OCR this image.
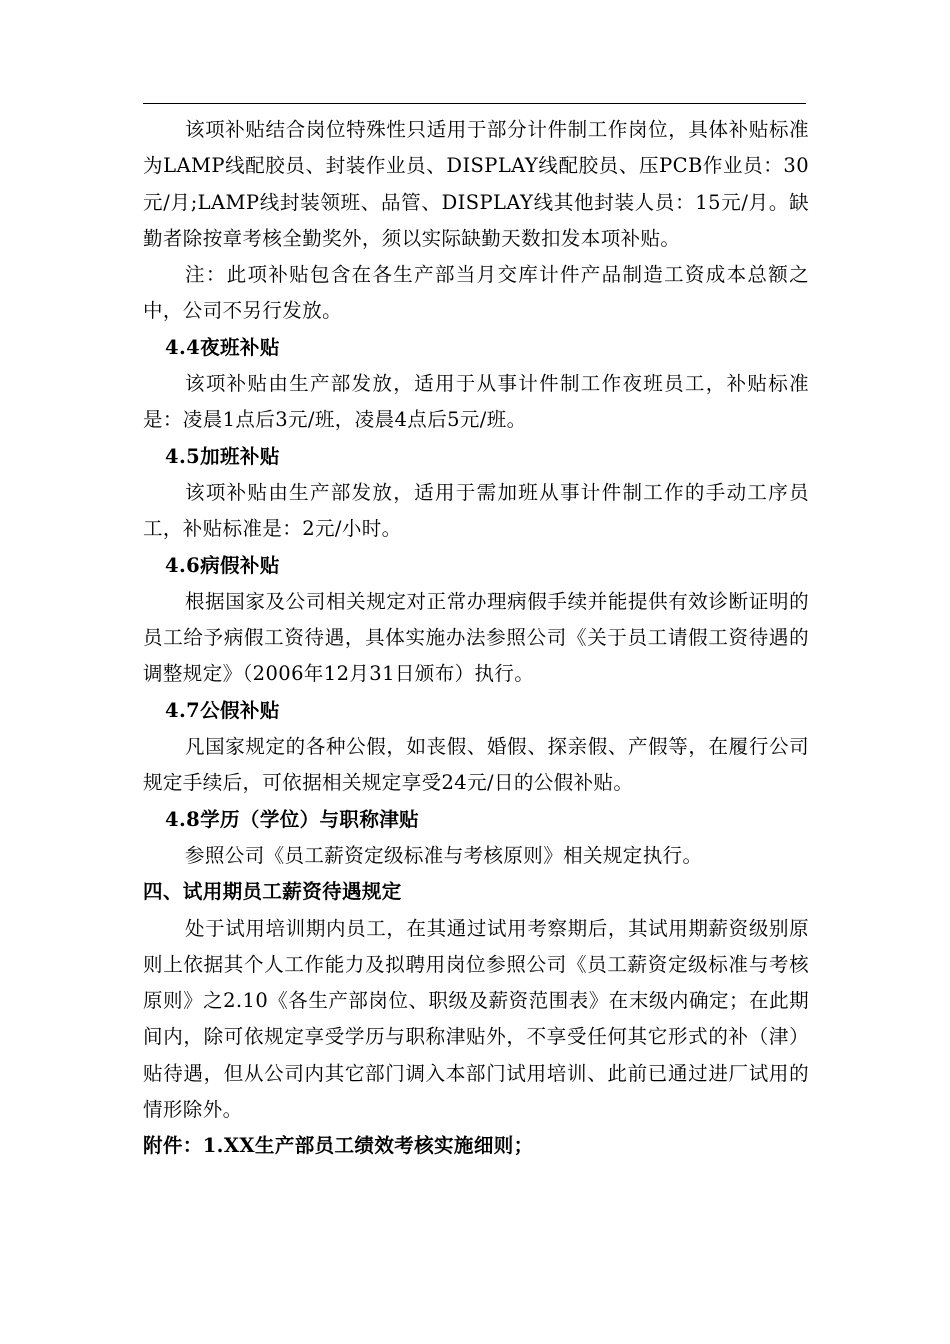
该项补贴结合岗位特殊性只适用于部分计件制工作岗位，具体补贴标准为LAMP线配胶员、封装作业员、DISPLAY线配胶员、压PCB作业员：30元/月;LAMP线封装领班、品管、DISPLAY线其他封装人员：15元/月。缺勤者除按章考核全勤奖外，须以实际缺勤天数扣发本项补贴。

注：此项补贴包含在各生产部当月交库计件产品制造工资成本总额之中，公司不另行发放。

4.4夜班补贴

该项补贴由生产部发放，适用于从事计件制工作夜班员工，补贴标准是：凌晨1点后3元/班，凌晨4点后5元/班。

4.5加班补贴

该项补贴由生产部发放，适用于需加班从事计件制工作的手动工序员工，补贴标准是：2元/小时。

4.6病假补贴

根据国家及公司相关规定对正常办理病假手续并能提供有效诊断证明的员工给予病假工资待遇，具体实施办法参照公司《关于员工请假工资待遇的调整规定》（2006年12月31日颁布）执行。

4.7公假补贴

凡国家规定的各种公假，如丧假、婚假、探亲假、产假等，在履行公司规定手续后，可依据相关规定享受24元/日的公假补贴。

4.8学历（学位）与职称津贴

参照公司《员工薪资定级标准与考核原则》相关规定执行。

四、试用期员工薪资待遇规定

处于试用培训期内员工，在其通过试用考察期后，其试用期薪资级别原则上依据其个人工作能力及拟聘用岗位参照公司《员工薪资定级标准与考核原则》之2.10《各生产部岗位、职级及薪资范围表》在末级内确定；在此期间内，除可依规定享受学历与职称津贴外，不享受任何其它形式的补（津）贴待遇，但从公司内其它部门调入本部门试用培训、此前已通过进厂试用的情形除外。

附件：1.XX生产部员工绩效考核实施细则；
